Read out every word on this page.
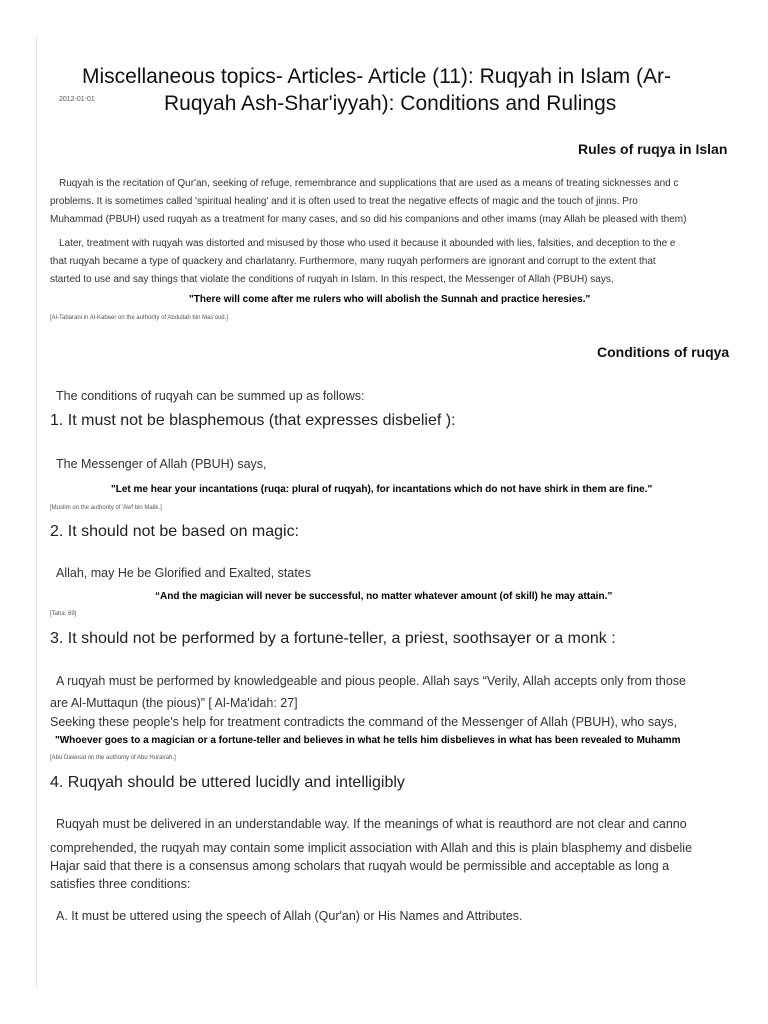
2012-01-01
Miscellaneous topics- Articles- Article (11): Ruqyah in Islam (Ar-
Ruqyah Ash-Shar'iyyah): Conditions and Rulings
Rules of ruqya in Islan
Ruqyah is the recitation of Qur'an, seeking of refuge, remembrance and supplications that are used as a means of treating sicknesses and c
problems. It is sometimes called 'spiritual healing' and it is often used to treat the negative effects of magic and the touch of jinns. Pro
Muhammad (PBUH) used ruqyah as a treatment for many cases, and so did his companions and other imams (may Allah be pleased with them)
Later, treatment with ruqyah was distorted and misused by those who used it because it abounded with lies, falsities, and deception to the e
that ruqyah became a type of quackery and charlatanry. Furthermore, many ruqyah performers are ignorant and corrupt to the extent that
started to use and say things that violate the conditions of ruqyah in Islam. In this respect, the Messenger of Allah (PBUH) says,
"There will come after me rulers who will abolish the Sunnah and practice heresies."
[Al-Tabarani in Al-Kabeer on the authority of Abdullah bin Mas'oud.]
Conditions of ruqya
The conditions of ruqyah can be summed up as follows:
1. It must not be blasphemous (that expresses disbelief ):
The Messenger of Allah (PBUH) says,
"Let me hear your incantations (ruqa: plural of ruqyah), for incantations which do not have shirk in them are fine."
[Muslim on the authority of 'Awf bin Malik.]
2. It should not be based on magic:
Allah, may He be Glorified and Exalted, states
“And the magician will never be successful, no matter whatever amount (of skill) he may attain.”
[Taha: 69]
3. It should not be performed by a fortune-teller, a priest, soothsayer or a monk :
A ruqyah must be performed by knowledgeable and pious people. Allah says “Verily, Allah accepts only from those
are Al-Muttaqun (the pious)” [ Al-Ma'idah: 27]
Seeking these people's help for treatment contradicts the command of the Messenger of Allah (PBUH), who says,
"Whoever goes to a magician or a fortune-teller and believes in what he tells him disbelieves in what has been revealed to Muhamm
[Abu Dawoud on the authority of Abu Hurairah.]
4. Ruqyah should be uttered lucidly and intelligibly
Ruqyah must be delivered in an understandable way. If the meanings of what is reauthord are not clear and canno
comprehended, the ruqyah may contain some implicit association with Allah and this is plain blasphemy and disbelie
Hajar said that there is a consensus among scholars that ruqyah would be permissible and acceptable as long a
satisfies three conditions:
A. It must be uttered using the speech of Allah (Qur'an) or His Names and Attributes.
